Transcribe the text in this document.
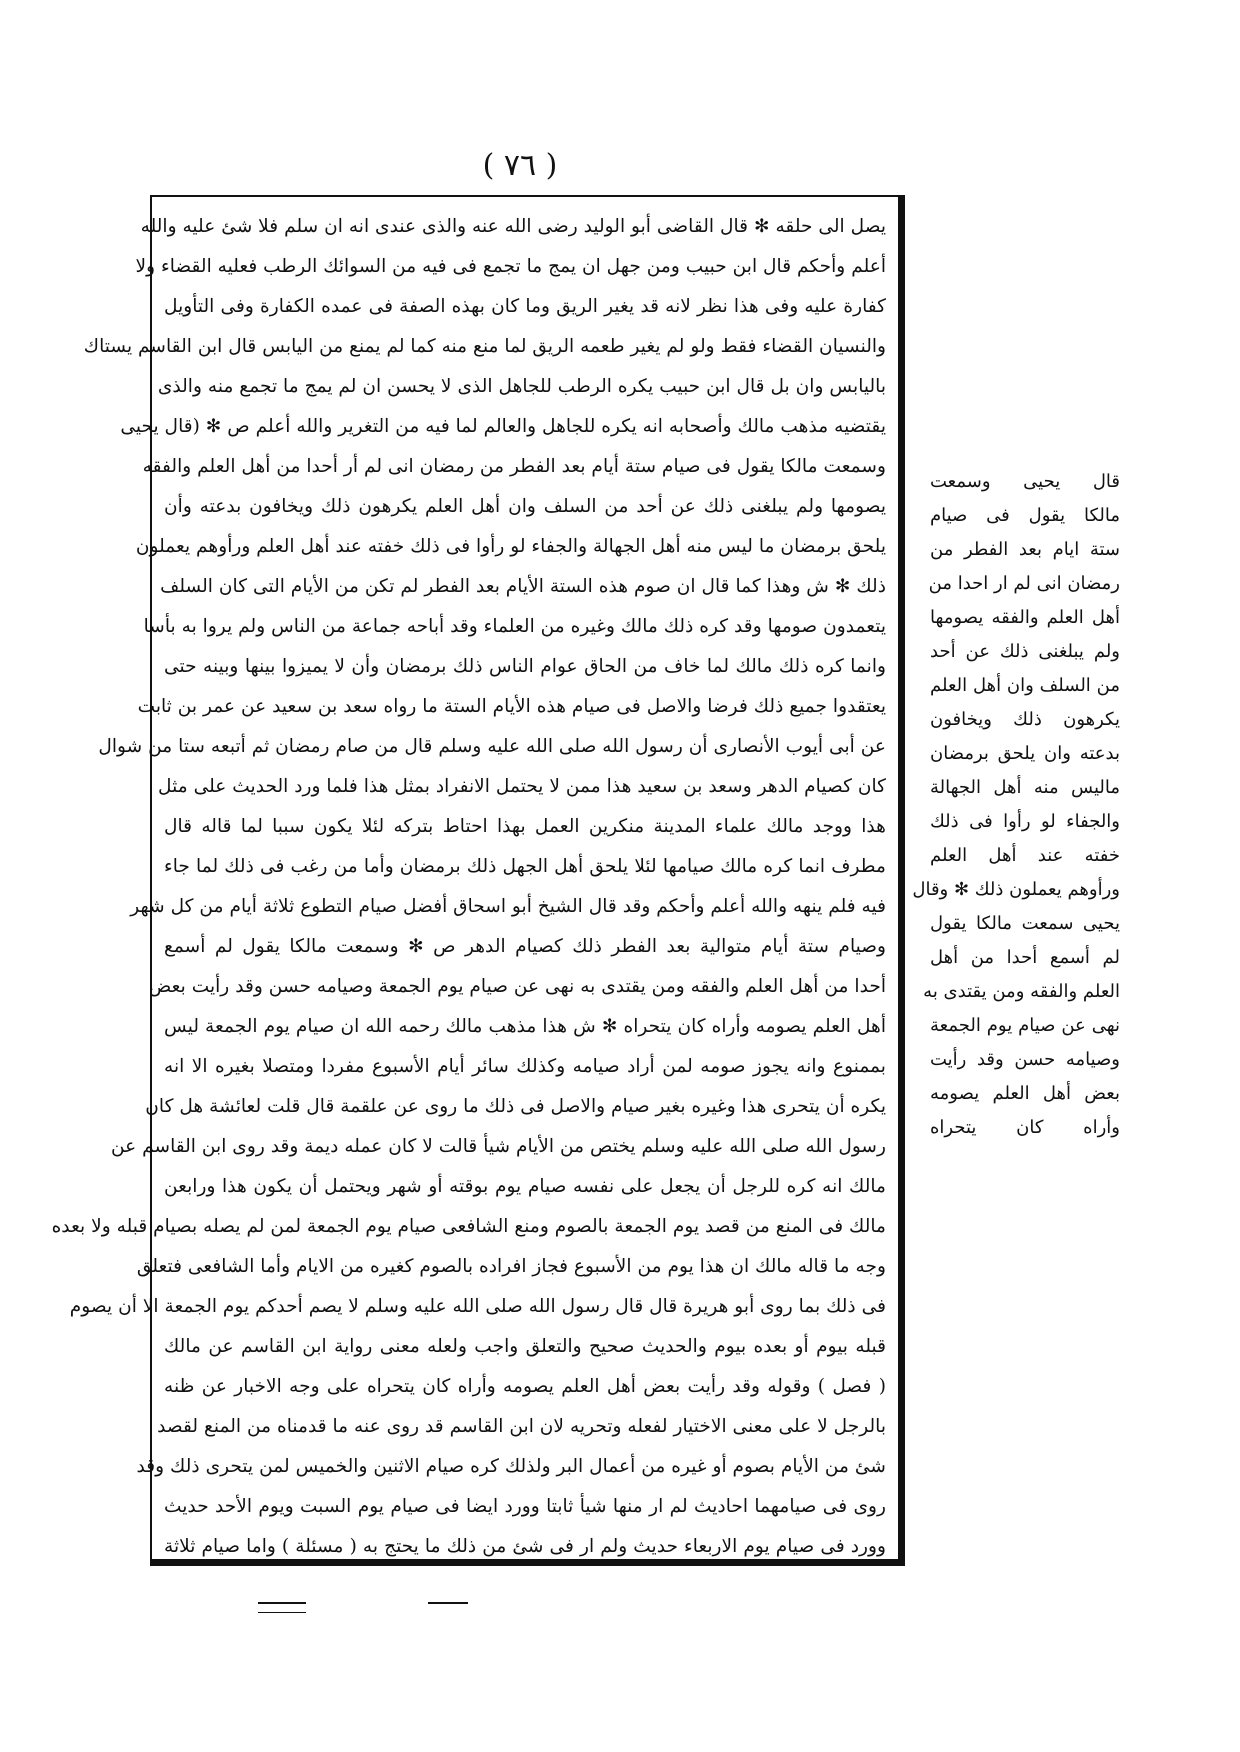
( ٧٦ )
يصل الى حلقه ✻ قال القاضى أبو الوليد رضى الله عنه والذى عندى انه ان سلم فلا شئ عليه والله
أعلم وأحكم قال ابن حبيب ومن جهل ان يمج ما تجمع فى فيه من السوائك الرطب فعليه القضاء ولا
كفارة عليه وفى هذا نظر لانه قد يغير الريق وما كان بهذه الصفة فى عمده الكفارة وفى التأويل
والنسيان القضاء فقط ولو لم يغير طعمه الريق لما منع منه كما لم يمنع من اليابس قال ابن القاسم يستاك
باليابس وان بل قال ابن حبيب يكره الرطب للجاهل الذى لا يحسن ان لم يمج ما تجمع منه والذى
يقتضيه مذهب مالك وأصحابه انه يكره للجاهل والعالم لما فيه من التغرير والله أعلم ص ✻ (قال يحيى
وسمعت مالكا يقول فى صيام ستة أيام بعد الفطر من رمضان انى لم أر أحدا من أهل العلم والفقه
يصومها ولم يبلغنى ذلك عن أحد من السلف وان أهل العلم يكرهون ذلك ويخافون بدعته وأن
يلحق برمضان ما ليس منه أهل الجهالة والجفاء لو رأوا فى ذلك خفته عند أهل العلم ورأوهم يعملون
ذلك ✻ ش وهذا كما قال ان صوم هذه الستة الأيام بعد الفطر لم تكن من الأيام التى كان السلف
يتعمدون صومها وقد كره ذلك مالك وغيره من العلماء وقد أباحه جماعة من الناس ولم يروا به بأسا
وانما كره ذلك مالك لما خاف من الحاق عوام الناس ذلك برمضان وأن لا يميزوا بينها وبينه حتى
يعتقدوا جميع ذلك فرضا والاصل فى صيام هذه الأيام الستة ما رواه سعد بن سعيد عن عمر بن ثابت
عن أبى أيوب الأنصارى أن رسول الله صلى الله عليه وسلم قال من صام رمضان ثم أتبعه ستا من شوال
كان كصيام الدهر وسعد بن سعيد هذا ممن لا يحتمل الانفراد بمثل هذا فلما ورد الحديث على مثل
هذا ووجد مالك علماء المدينة منكرين العمل بهذا احتاط بتركه لئلا يكون سببا لما قاله قال
مطرف انما كره مالك صيامها لئلا يلحق أهل الجهل ذلك برمضان وأما من رغب فى ذلك لما جاء
فيه فلم ينهه والله أعلم وأحكم وقد قال الشيخ أبو اسحاق أفضل صيام التطوع ثلاثة أيام من كل شهر
وصيام ستة أيام متوالية بعد الفطر ذلك كصيام الدهر ص ✻ وسمعت مالكا يقول لم أسمع
أحدا من أهل العلم والفقه ومن يقتدى به نهى عن صيام يوم الجمعة وصيامه حسن وقد رأيت بعض
أهل العلم يصومه وأراه كان يتحراه ✻ ش هذا مذهب مالك رحمه الله ان صيام يوم الجمعة ليس
بممنوع وانه يجوز صومه لمن أراد صيامه وكذلك سائر أيام الأسبوع مفردا ومتصلا بغيره الا انه
يكره أن يتحرى هذا وغيره بغير صيام والاصل فى ذلك ما روى عن علقمة قال قلت لعائشة هل كان
رسول الله صلى الله عليه وسلم يختص من الأيام شيأ قالت لا كان عمله ديمة وقد روى ابن القاسم عن
مالك انه كره للرجل أن يجعل على نفسه صيام يوم بوقته أو شهر ويحتمل أن يكون هذا ورابعن
مالك فى المنع من قصد يوم الجمعة بالصوم ومنع الشافعى صيام يوم الجمعة لمن لم يصله بصيام قبله ولا بعده
وجه ما قاله مالك ان هذا يوم من الأسبوع فجاز افراده بالصوم كغيره من الايام وأما الشافعى فتعلق
فى ذلك بما روى أبو هريرة قال قال رسول الله صلى الله عليه وسلم لا يصم أحدكم يوم الجمعة الا أن يصوم
قبله بيوم أو بعده بيوم والحديث صحيح والتعلق واجب ولعله معنى رواية ابن القاسم عن مالك
( فصل ) وقوله وقد رأيت بعض أهل العلم يصومه وأراه كان يتحراه على وجه الاخبار عن ظنه
بالرجل لا على معنى الاختيار لفعله وتحريه لان ابن القاسم قد روى عنه ما قدمناه من المنع لقصد
شئ من الأيام بصوم أو غيره من أعمال البر ولذلك كره صيام الاثنين والخميس لمن يتحرى ذلك وقد
روى فى صيامهما احاديث لم ار منها شيأ ثابتا وورد ايضا فى صيام يوم السبت ويوم الأحد حديث
وورد فى صيام يوم الاربعاء حديث ولم ار فى شئ من ذلك ما يحتج به ( مسئلة ) واما صيام ثلاثة
قال يحيى وسمعت
مالكا يقول فى صيام
ستة ايام بعد الفطر من
رمضان انى لم ار احدا من
أهل العلم والفقه يصومها
ولم يبلغنى ذلك عن أحد
من السلف وان أهل العلم
يكرهون ذلك ويخافون
بدعته وان يلحق برمضان
ماليس منه أهل الجهالة
والجفاء لو رأوا فى ذلك
خفته عند أهل العلم
ورأوهم يعملون ذلك ✻ وقال
يحيى سمعت مالكا يقول
لم أسمع أحدا من أهل
العلم والفقه ومن يقتدى به
نهى عن صيام يوم الجمعة
وصيامه حسن وقد رأيت
بعض أهل العلم يصومه
وأراه كان يتحراه
